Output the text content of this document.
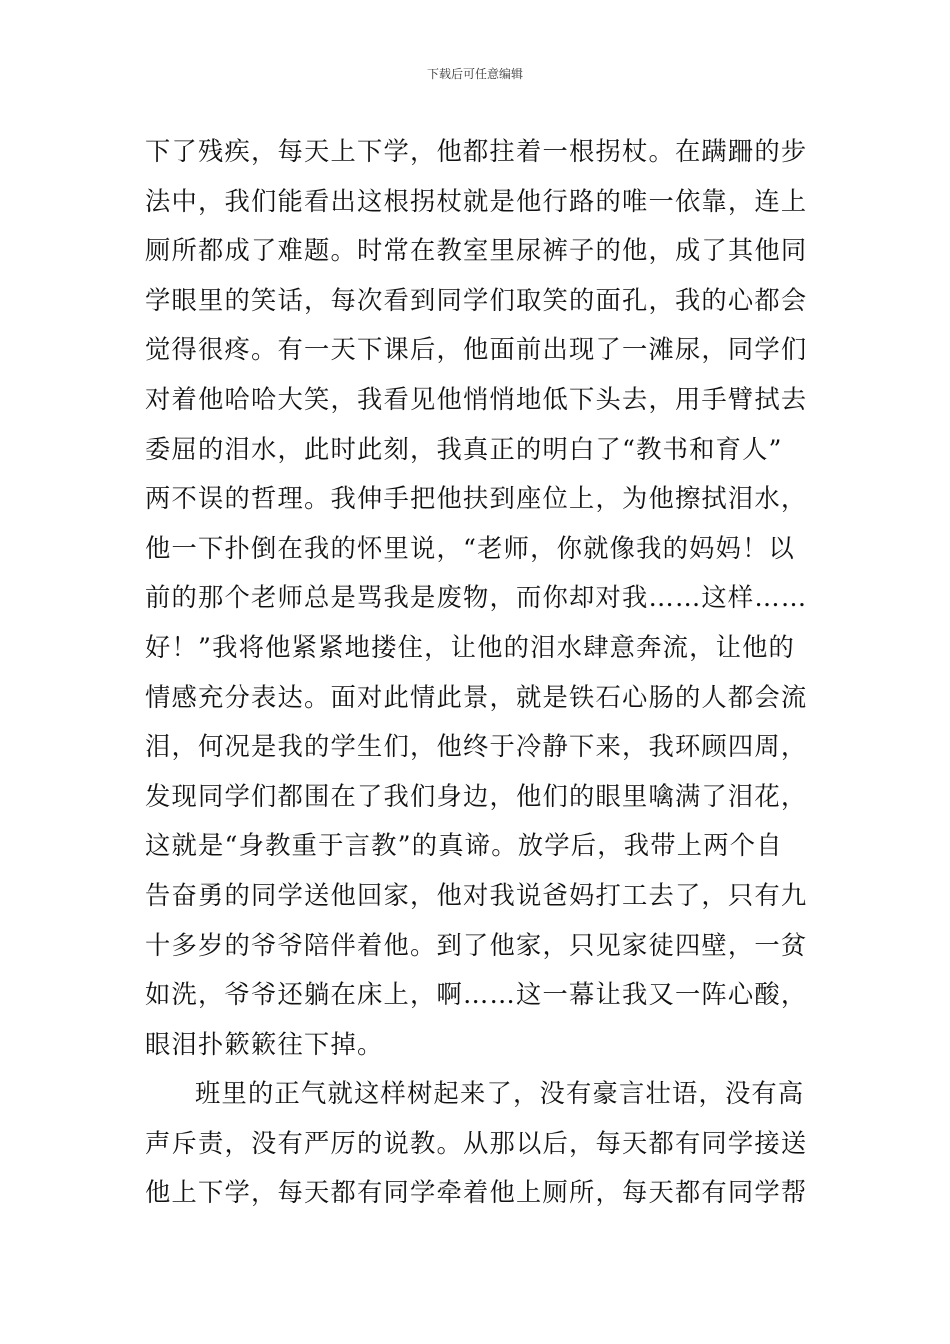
下载后可任意编辑
下了残疾，每天上下学，他都拄着一根拐杖。在蹒跚的步
法中，我们能看出这根拐杖就是他行路的唯一依靠，连上
厕所都成了难题。时常在教室里尿裤子的他，成了其他同
学眼里的笑话，每次看到同学们取笑的面孔，我的心都会
觉得很疼。有一天下课后，他面前出现了一滩尿，同学们
对着他哈哈大笑，我看见他悄悄地低下头去，用手臂拭去
委屈的泪水，此时此刻，我真正的明白了“教书和育人”
两不误的哲理。我伸手把他扶到座位上，为他擦拭泪水，
他一下扑倒在我的怀里说，“老师，你就像我的妈妈！以
前的那个老师总是骂我是废物，而你却对我……这样……
好！”我将他紧紧地搂住，让他的泪水肆意奔流，让他的
情感充分表达。面对此情此景，就是铁石心肠的人都会流
泪，何况是我的学生们，他终于冷静下来，我环顾四周，
发现同学们都围在了我们身边，他们的眼里噙满了泪花，
这就是“身教重于言教”的真谛。放学后，我带上两个自
告奋勇的同学送他回家，他对我说爸妈打工去了，只有九
十多岁的爷爷陪伴着他。到了他家，只见家徒四壁，一贫
如洗，爷爷还躺在床上，啊……这一幕让我又一阵心酸，
眼泪扑簌簌往下掉。
班里的正气就这样树起来了，没有豪言壮语，没有高
声斥责，没有严厉的说教。从那以后，每天都有同学接送
他上下学，每天都有同学牵着他上厕所，每天都有同学帮
